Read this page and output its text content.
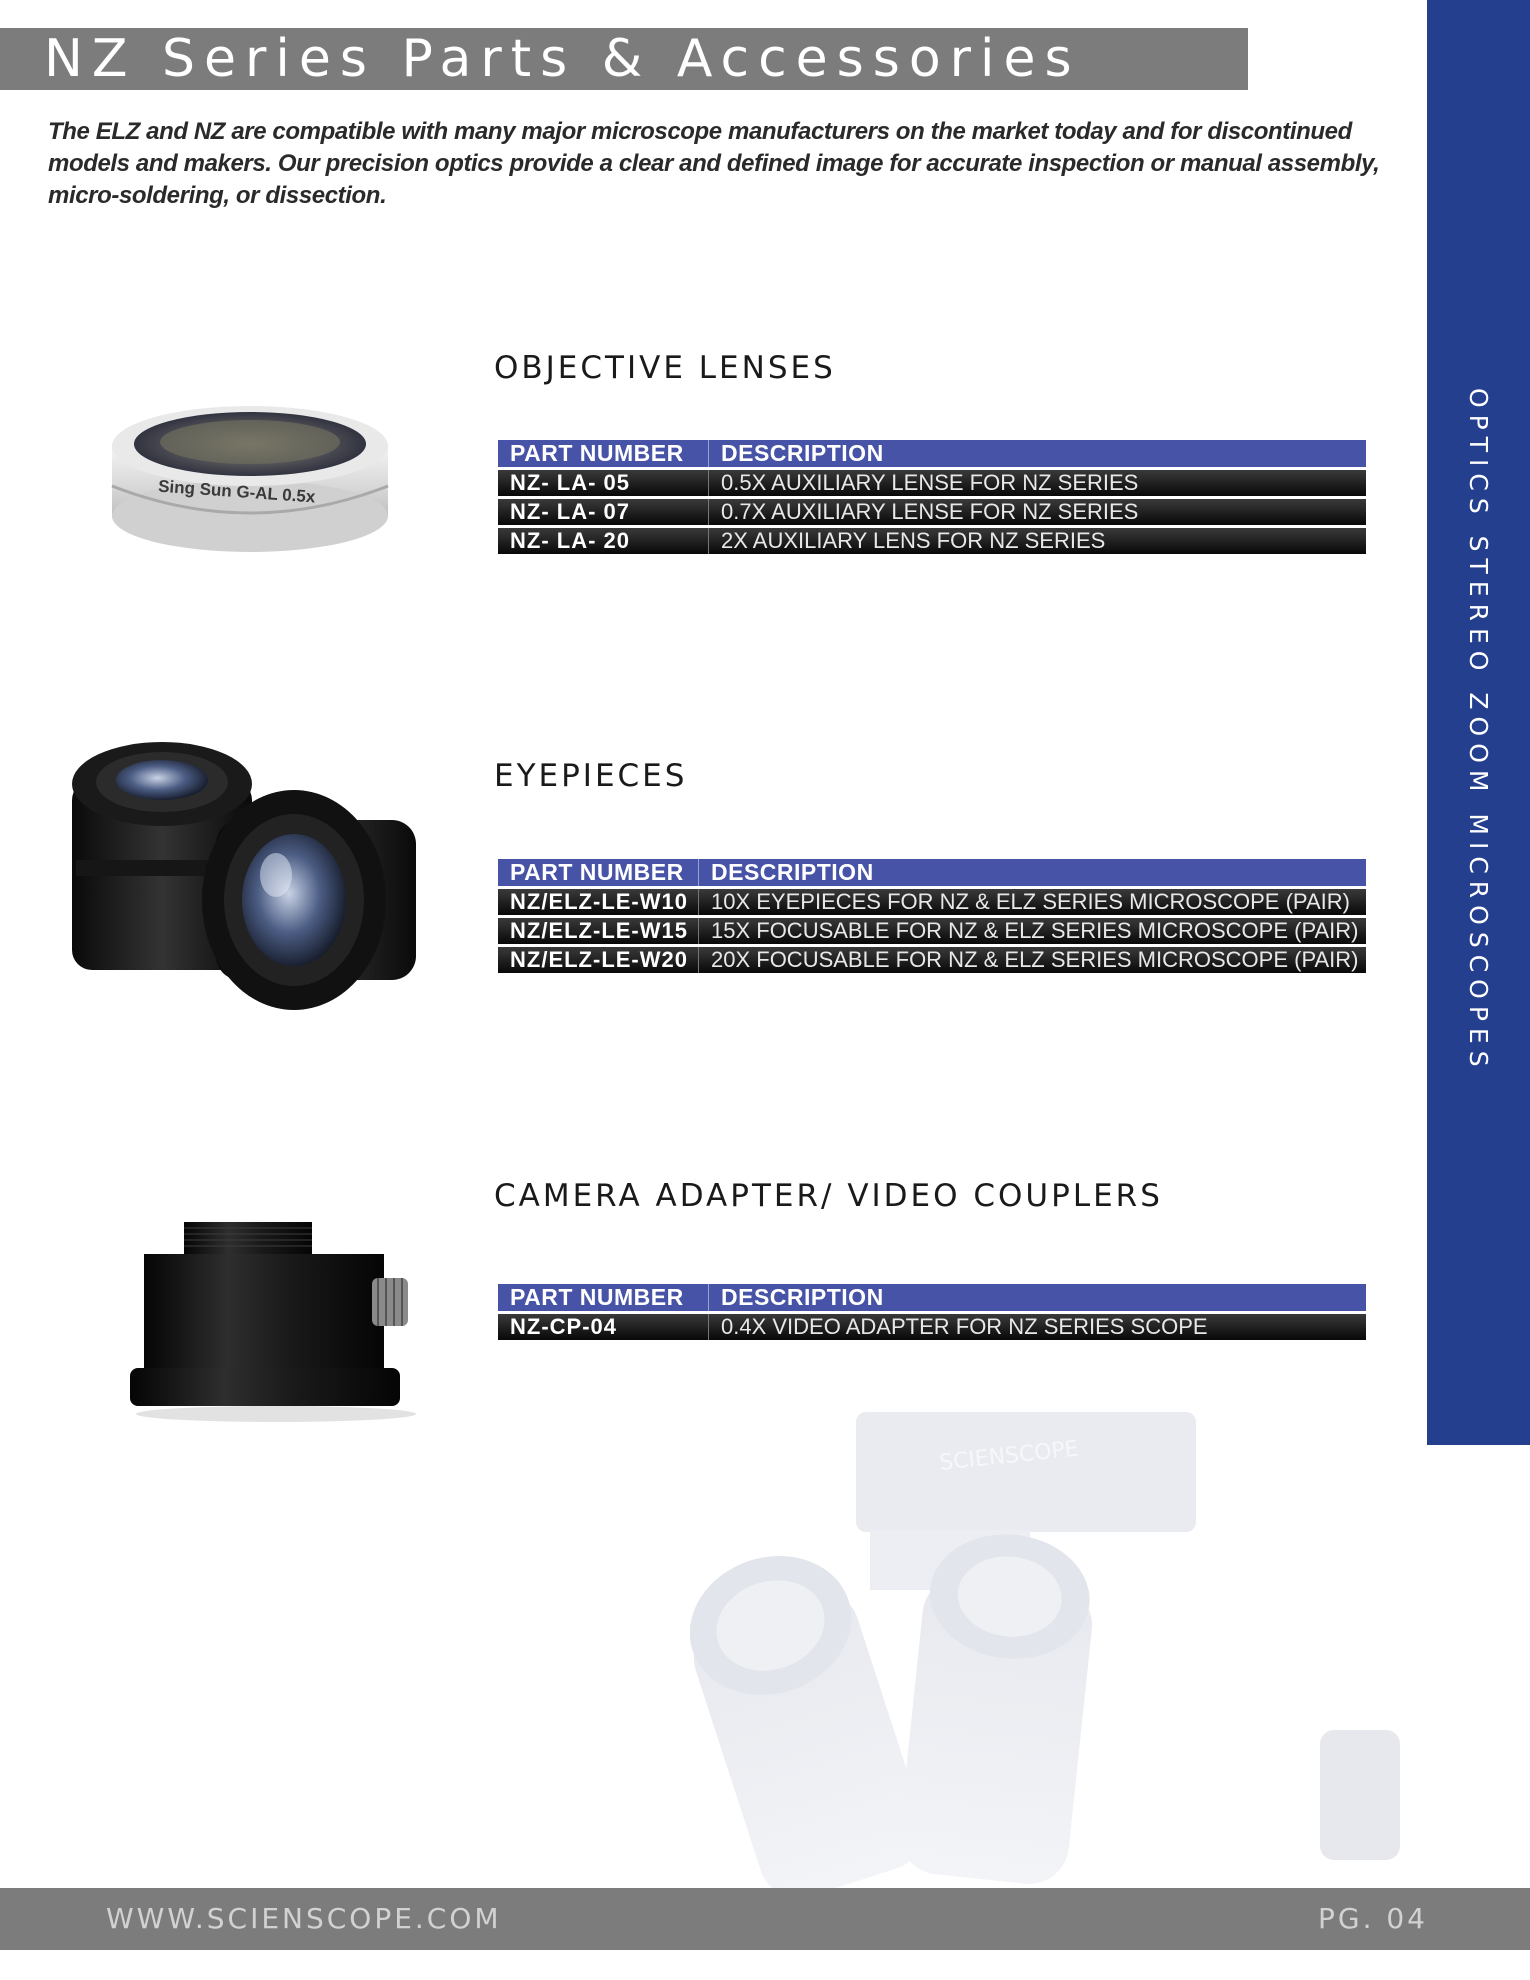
NZ Series Parts & Accessories
The ELZ and NZ are compatible with many major microscope manufacturers on the market today and for discontinued models and makers. Our precision optics provide a clear and defined image for accurate inspection or manual assembly, micro-soldering, or dissection.
OPTICS STEREO ZOOM MICROSCOPES
SCIENSCOPE
Sing Sun G-AL 0.5x
OBJECTIVE LENSES
PART NUMBER	DESCRIPTION
NZ- LA- 05	0.5X AUXILIARY LENSE FOR NZ SERIES
NZ- LA- 07	0.7X AUXILIARY LENSE FOR NZ SERIES
NZ- LA- 20	2X AUXILIARY LENS FOR NZ SERIES
EYEPIECES
PART NUMBER	DESCRIPTION
NZ/ELZ-LE-W10	10X EYEPIECES FOR NZ & ELZ SERIES MICROSCOPE (PAIR)
NZ/ELZ-LE-W15	15X FOCUSABLE FOR NZ & ELZ SERIES MICROSCOPE (PAIR)
NZ/ELZ-LE-W20	20X FOCUSABLE FOR NZ & ELZ SERIES MICROSCOPE (PAIR)
CAMERA ADAPTER/ VIDEO COUPLERS
PART NUMBER	DESCRIPTION
NZ-CP-04	0.4X VIDEO ADAPTER FOR NZ SERIES SCOPE
WWW.SCIENSCOPE.COM	PG. 04
